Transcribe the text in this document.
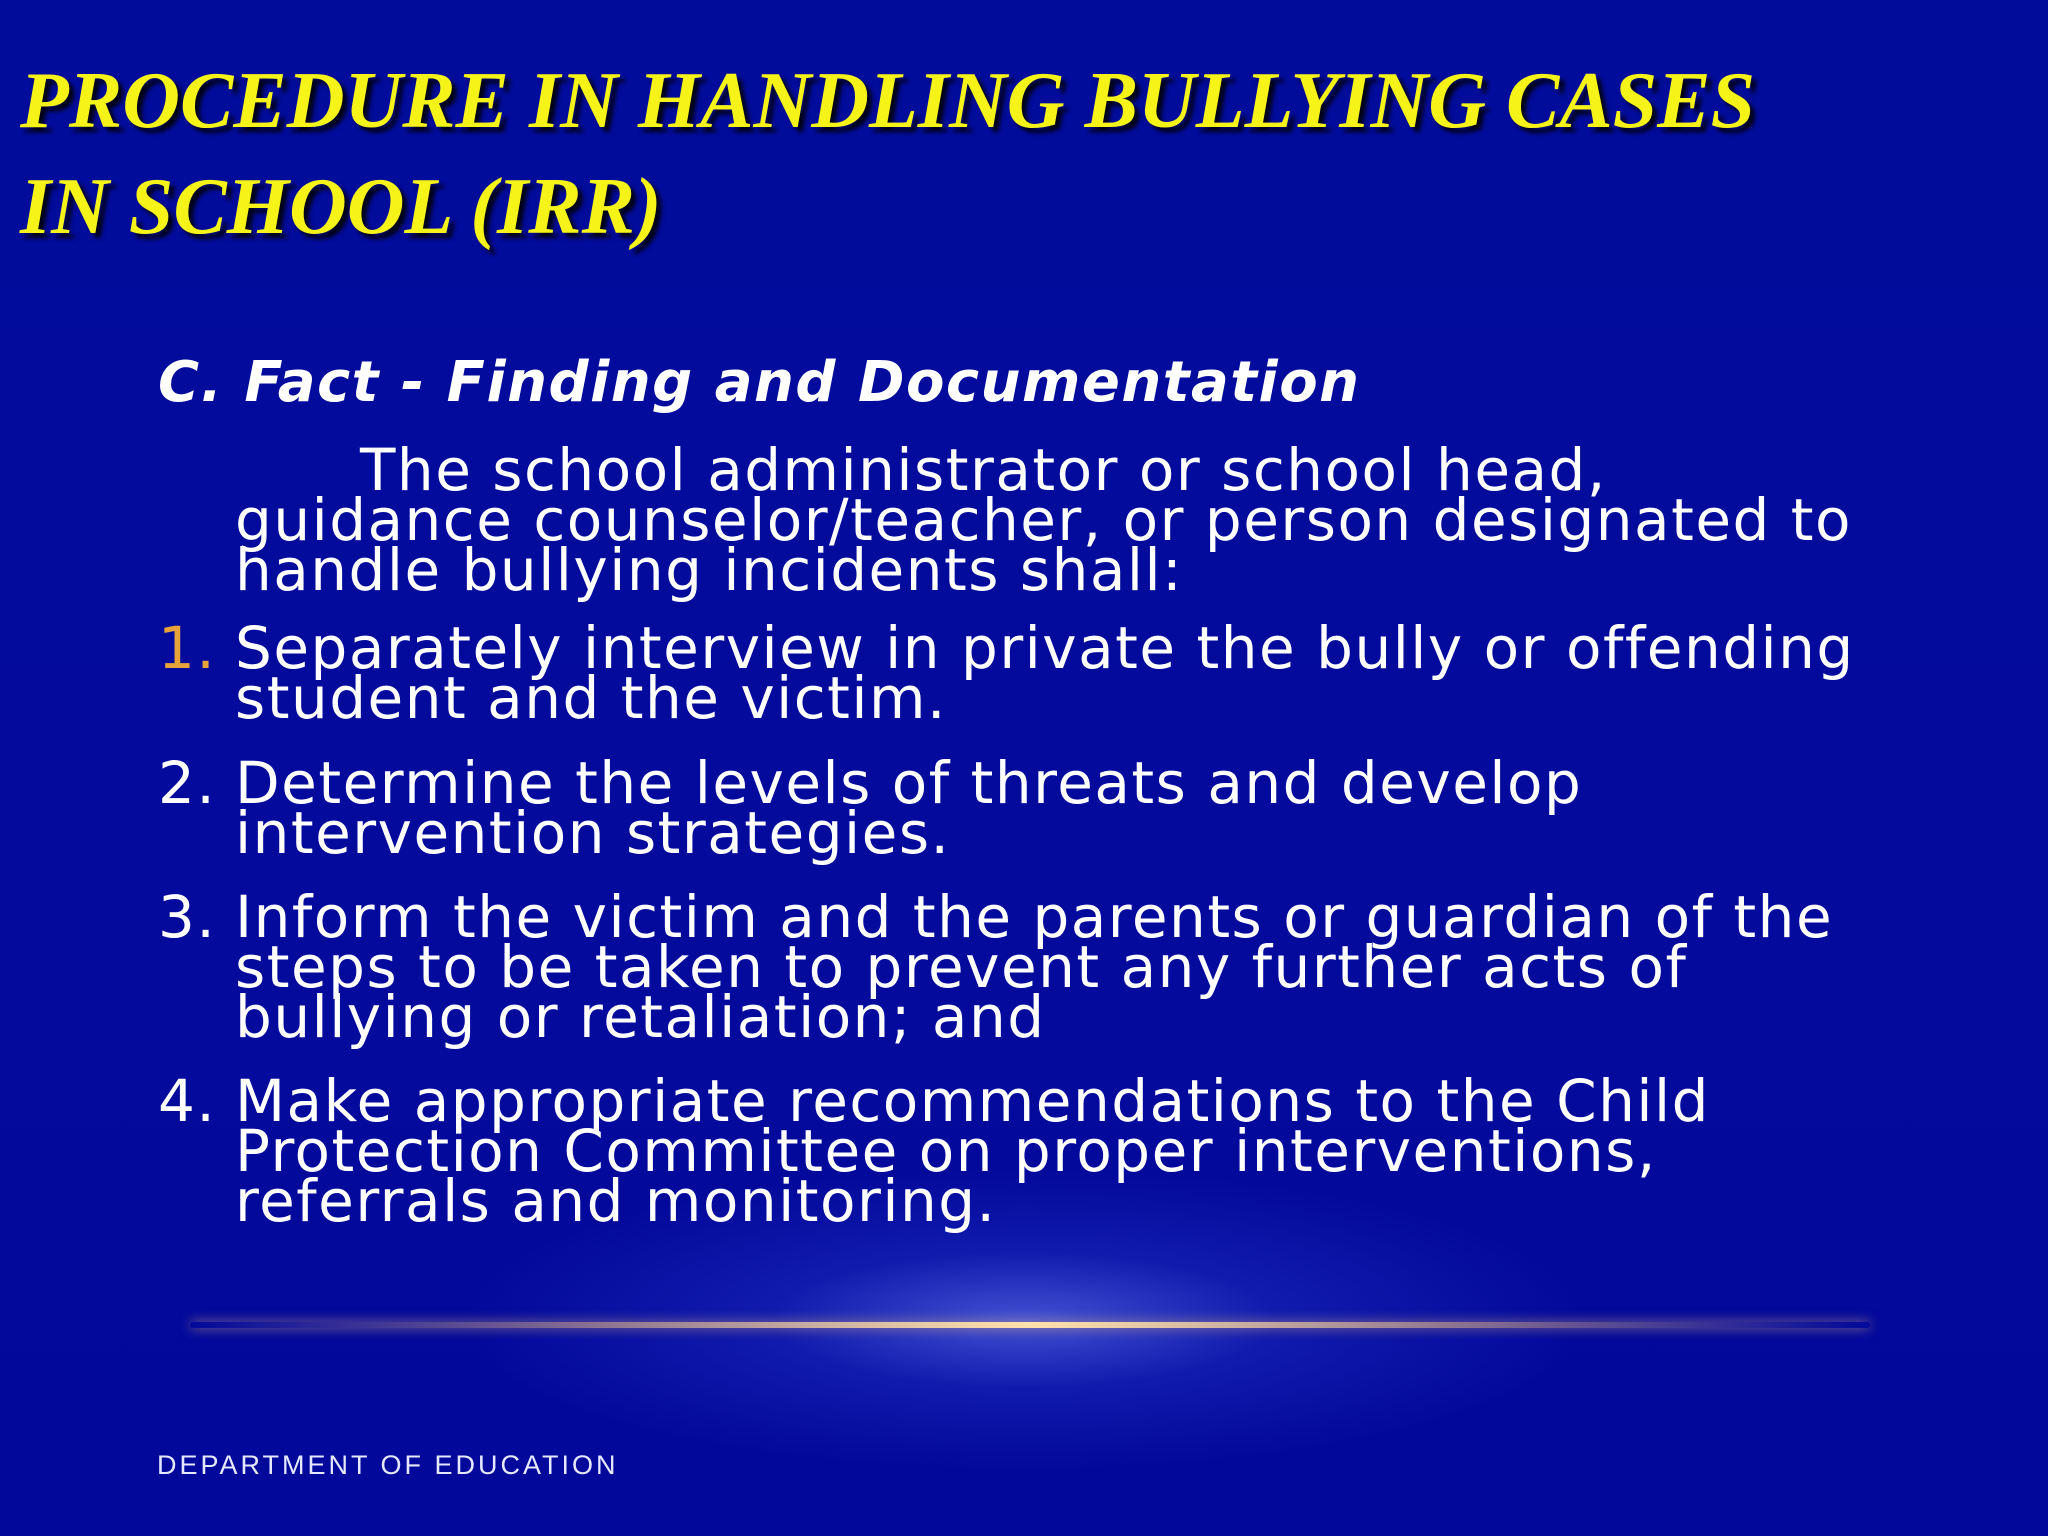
PROCEDURE IN HANDLING BULLYING CASES
IN SCHOOL (IRR)

C. Fact - Finding and Documentation

The school administrator or school head,
guidance counselor/teacher, or person designated to
handle bullying incidents shall:

1. Separately interview in private the bully or offending
student and the victim.
2. Determine the levels of threats and develop
intervention strategies.
3. Inform the victim and the parents or guardian of the
steps to be taken to prevent any further acts of
bullying or retaliation; and
4. Make appropriate recommendations to the Child
Protection Committee on proper interventions,
referrals and monitoring.

DEPARTMENT OF EDUCATION
